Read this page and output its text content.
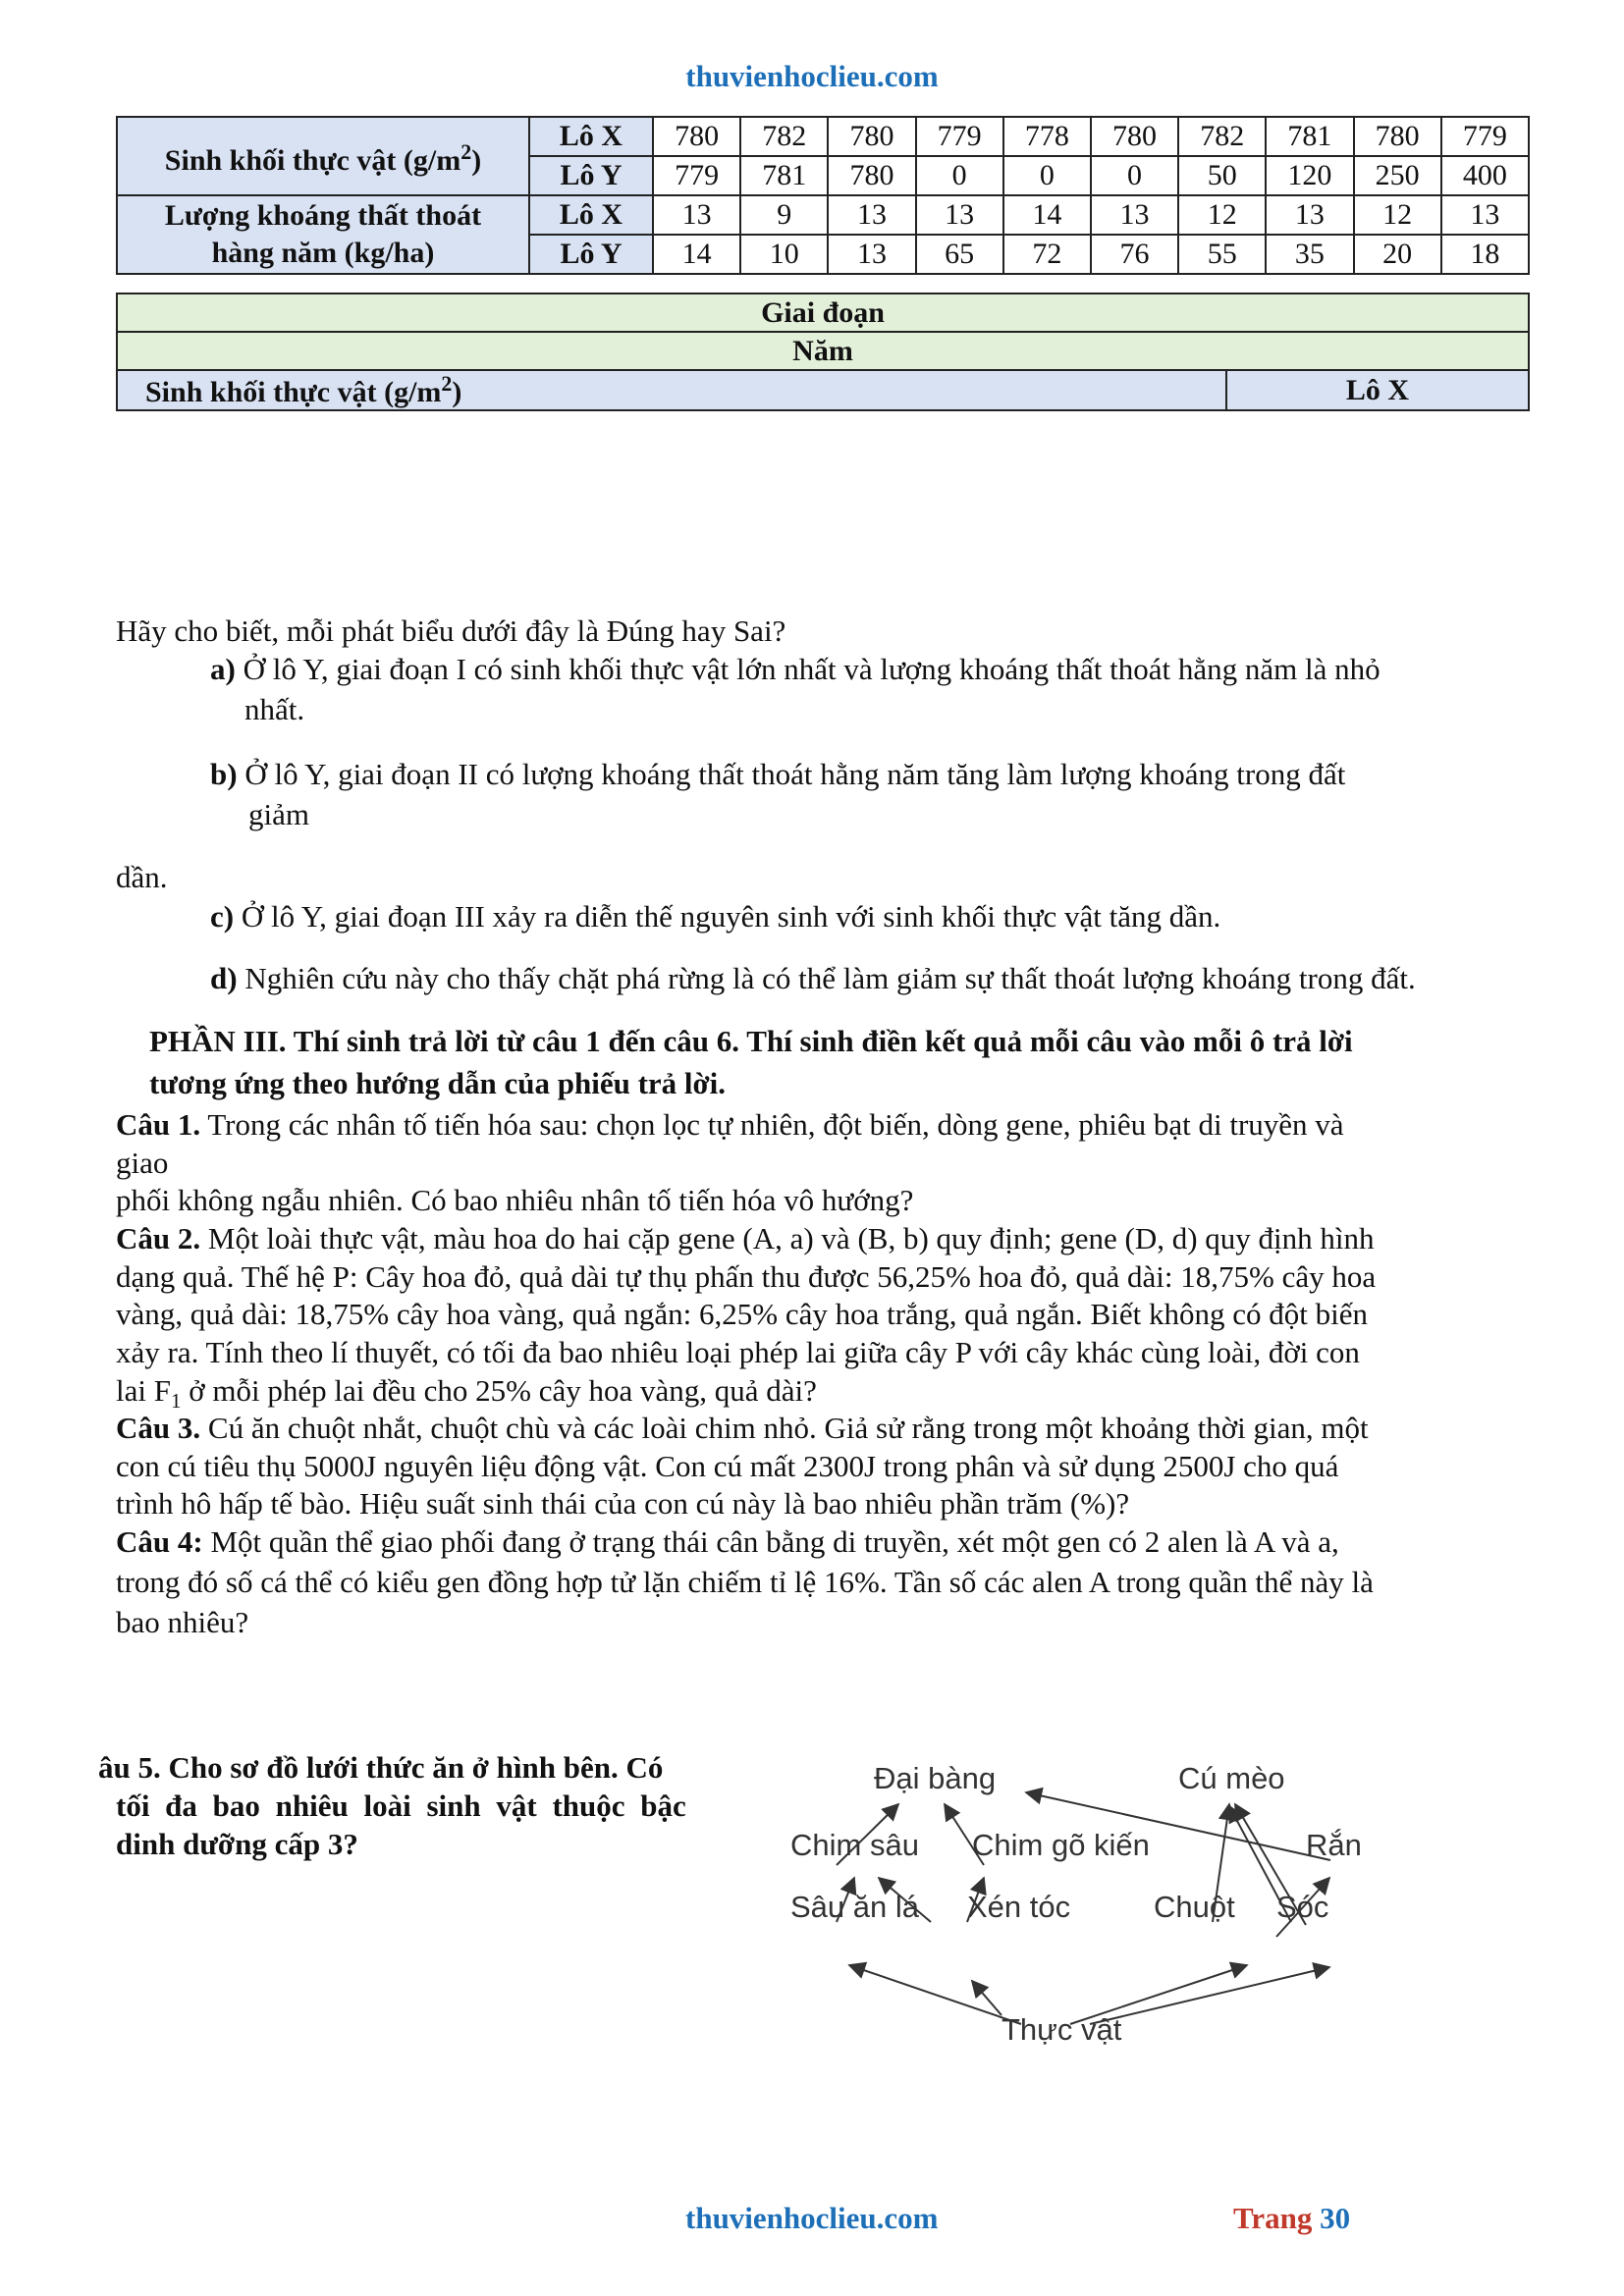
thuvienhoclieu.com
Sinh khối thực vật $(g/m^2)$	Lô X	780	782	780	779	778	780	782	781	780	779
	Lô Y	779	781	780	0	0	0	50	120	250	400

Lượng khoáng thất thoát
hàng năm (kg/ha)	Lô X	13	9	13	13	14	13	12	13	12	13
	Lô Y	14	10	13	65	72	76	55	35	20	18
Giai đoạn
Năm
Sinh khối thực vật $(g/m^2)$	Lô X
Hãy cho biết, mỗi phát biểu dưới đây là Đúng hay Sai?
a) Ở lô Y, giai đoạn I có sinh khối thực vật lớn nhất và lượng khoáng thất thoát hằng năm là nhỏ
nhất.
b) Ở lô Y, giai đoạn II có lượng khoáng thất thoát hằng năm tăng làm lượng khoáng trong đất
giảm
dần.
c) Ở lô Y, giai đoạn III xảy ra diễn thế nguyên sinh với sinh khối thực vật tăng dần.
d) Nghiên cứu này cho thấy chặt phá rừng là có thể làm giảm sự thất thoát lượng khoáng trong đất.
PHẦN III. Thí sinh trả lời từ câu 1 đến câu 6. Thí sinh điền kết quả mỗi câu vào mỗi ô trả lời
tương ứng theo hướng dẫn của phiếu trả lời.
Câu 1. Trong các nhân tố tiến hóa sau: chọn lọc tự nhiên, đột biến, dòng gene, phiêu bạt di truyền và
giao
phối không ngẫu nhiên. Có bao nhiêu nhân tố tiến hóa vô hướng?
Câu 2. Một loài thực vật, màu hoa do hai cặp gene (A, a) và (B, b) quy định; gene (D, d) quy định hình
dạng quả. Thế hệ P: Cây hoa đỏ, quả dài tự thụ phấn thu được 56,25% hoa đỏ, quả dài: 18,75% cây hoa
vàng, quả dài: 18,75% cây hoa vàng, quả ngắn: 6,25% cây hoa trắng, quả ngắn. Biết không có đột biến
xảy ra. Tính theo lí thuyết, có tối đa bao nhiêu loại phép lai giữa cây P với cây khác cùng loài, đời con
lai $F_1$ ở mỗi phép lai đều cho 25% cây hoa vàng, quả dài?
Câu 3. Cú ăn chuột nhắt, chuột chù và các loài chim nhỏ. Giả sử rằng trong một khoảng thời gian, một
con cú tiêu thụ 5000J nguyên liệu động vật. Con cú mất 2300J trong phân và sử dụng 2500J cho quá
trình hô hấp tế bào. Hiệu suất sinh thái của con cú này là bao nhiêu phần trăm (%)?
Câu 4: Một quần thể giao phối đang ở trạng thái cân bằng di truyền, xét một gen có 2 alen là A và a,
trong đó số cá thể có kiểu gen đồng hợp tử lặn chiếm tỉ lệ 16%. Tần số các alen A trong quần thể này là
bao nhiêu?
âu 5. Cho sơ đồ lưới thức ăn ở hình bên. Có
tối đa bao nhiêu loài sinh vật thuộc bậc
dinh dưỡng cấp 3?
Đại bàng	Cú mèo
Chim sâu Chim gõ kiến	Rắn
Sâu ăn lá Xén tóc	Chuột Sóc
Thực vật
thuvienhoclieu.com	Trang 30
